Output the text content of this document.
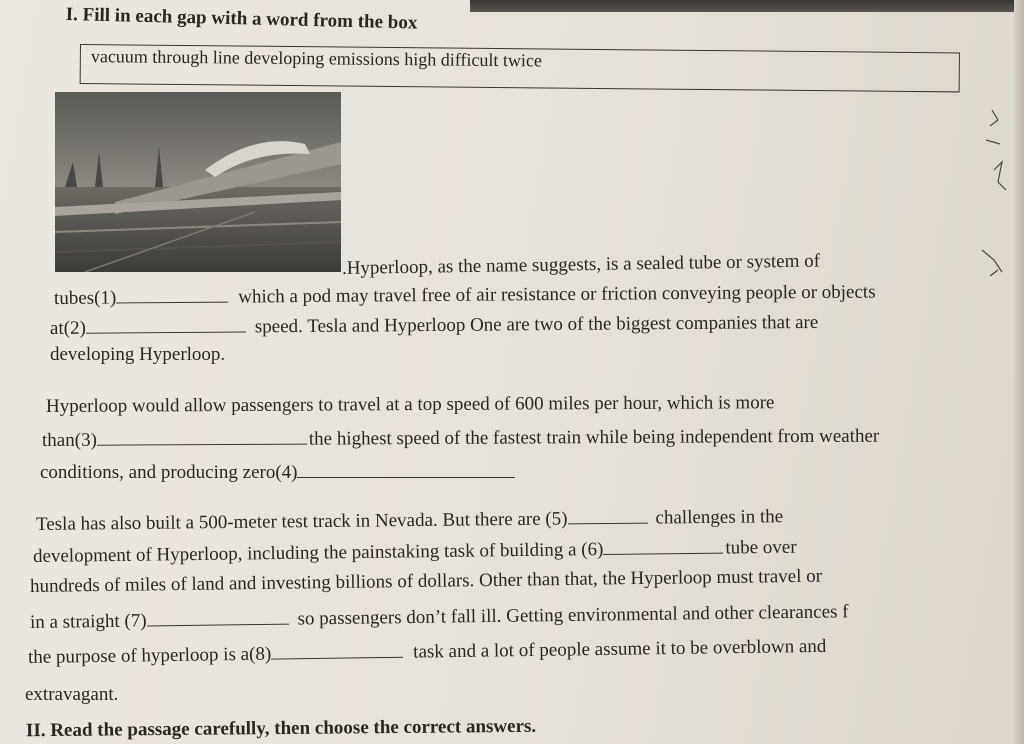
I. Fill in each gap with a word from the box
vacuum through line developing emissions high difficult twice
.Hyperloop, as the name suggests, is a sealed tube or system of
tubes(1)	which a pod may travel free of air resistance or friction conveying people or objects
at(2)	speed. Tesla and Hyperloop One are two of the biggest companies that are
developing Hyperloop.
Hyperloop would allow passengers to travel at a top speed of 600 miles per hour, which is more
than(3)	the highest speed of the fastest train while being independent from weather
conditions, and producing zero(4)
Tesla has also built a 500-meter test track in Nevada. But there are (5)	challenges in the
development of Hyperloop, including the painstaking task of building a (6)	tube over
hundreds of miles of land and investing billions of dollars. Other than that, the Hyperloop must travel or
in a straight (7)	so passengers don’t fall ill. Getting environmental and other clearances f
the purpose of hyperloop is a(8)	task and a lot of people assume it to be overblown and
extravagant.
II. Read the passage carefully, then choose the correct answers.
